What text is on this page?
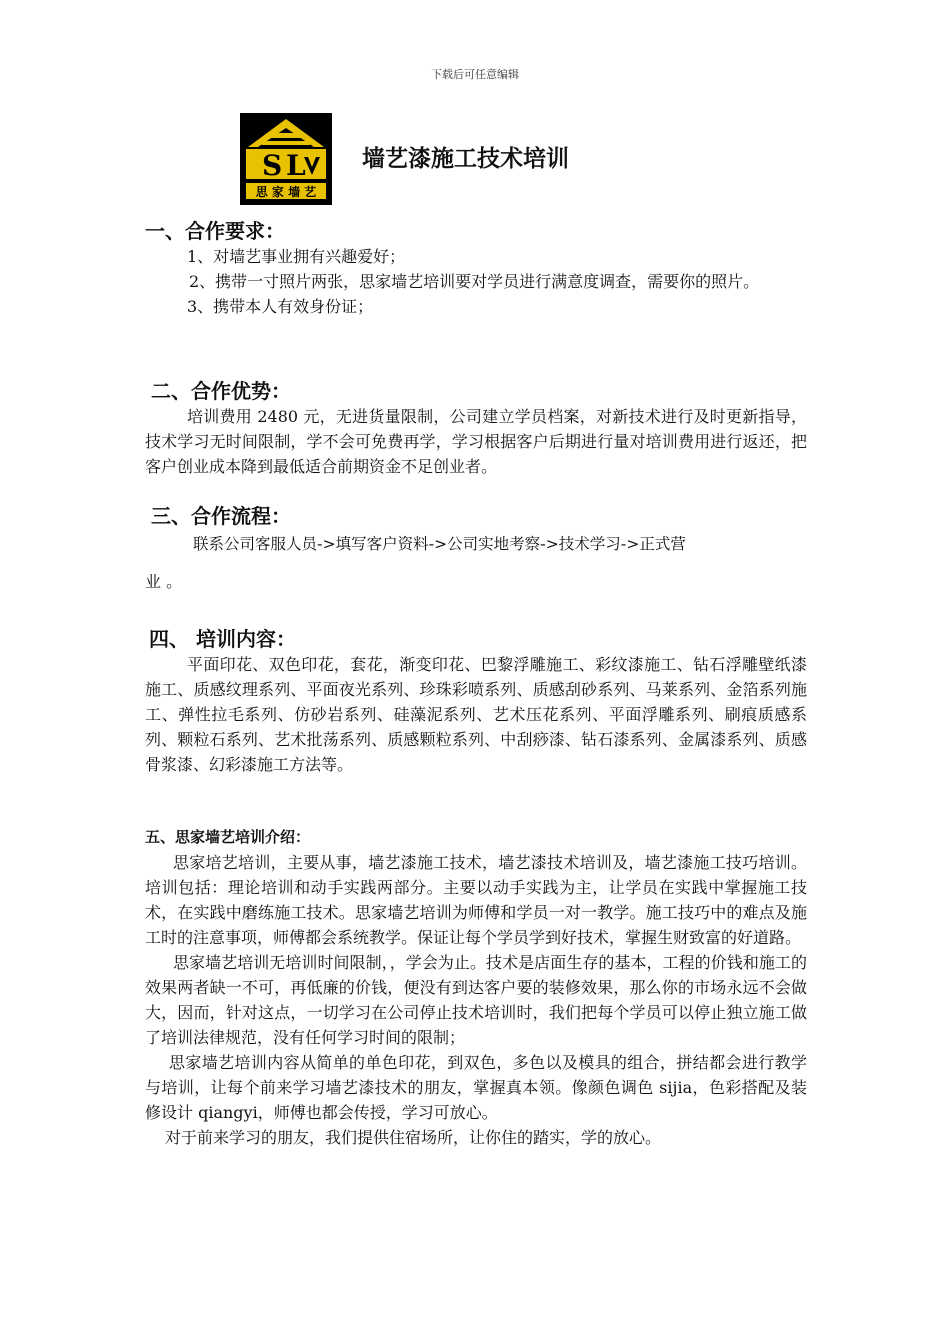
下载后可任意编辑
S L
思 家 墙 艺
墙艺漆施工技术培训

一、合作要求：

1、对墙艺事业拥有兴趣爱好；

2、携带一寸照片两张，思家墙艺培训要对学员进行满意度调查，需要你的照片。

3、携带本人有效身份证；

二、合作优势：

培训费用 2480 元，无进货量限制，公司建立学员档案，对新技术进行及时更新指导，技术学习无时间限制，学不会可免费再学，学习根据客户后期进行量对培训费用进行返还，把客户创业成本降到最低适合前期资金不足创业者。

三、合作流程：

联系公司客服人员->填写客户资料->公司实地考察->技术学习->正式营

业 。

四、 培训内容：

平面印花、双色印花，套花，渐变印花、巴黎浮雕施工、彩纹漆施工、钻石浮雕壁纸漆施工、质感纹理系列、平面夜光系列、珍珠彩喷系列、质感刮砂系列、马莱系列、金箔系列施工、弹性拉毛系列、仿砂岩系列、硅藻泥系列、艺术压花系列、平面浮雕系列、刷痕质感系列、颗粒石系列、艺术批荡系列、质感颗粒系列、中刮痧漆、钻石漆系列、金属漆系列、质感骨浆漆、幻彩漆施工方法等。

五、思家墙艺培训介绍：

思家培艺培训，主要从事，墙艺漆施工技术，墙艺漆技术培训及，墙艺漆施工技巧培训。培训包括：理论培训和动手实践两部分。主要以动手实践为主，让学员在实践中掌握施工技术，在实践中磨练施工技术。思家墙艺培训为师傅和学员一对一教学。施工技巧中的难点及施工时的注意事项，师傅都会系统教学。保证让每个学员学到好技术，掌握生财致富的好道路。

思家墙艺培训无培训时间限制，，学会为止。技术是店面生存的基本，工程的价钱和施工的效果两者缺一不可，再低廉的价钱，便没有到达客户要的装修效果，那么你的市场永远不会做大，因而，针对这点，一切学习在公司停止技术培训时，我们把每个学员可以停止独立施工做了培训法律规范，没有任何学习时间的限制；

思家墙艺培训内容从简单的单色印花，到双色，多色以及模具的组合，拼结都会进行教学与培训，让每个前来学习墙艺漆技术的朋友，掌握真本领。像颜色调色 sijia，色彩搭配及装修设计 qiangyi，师傅也都会传授，学习可放心。

对于前来学习的朋友，我们提供住宿场所，让你住的踏实，学的放心。
